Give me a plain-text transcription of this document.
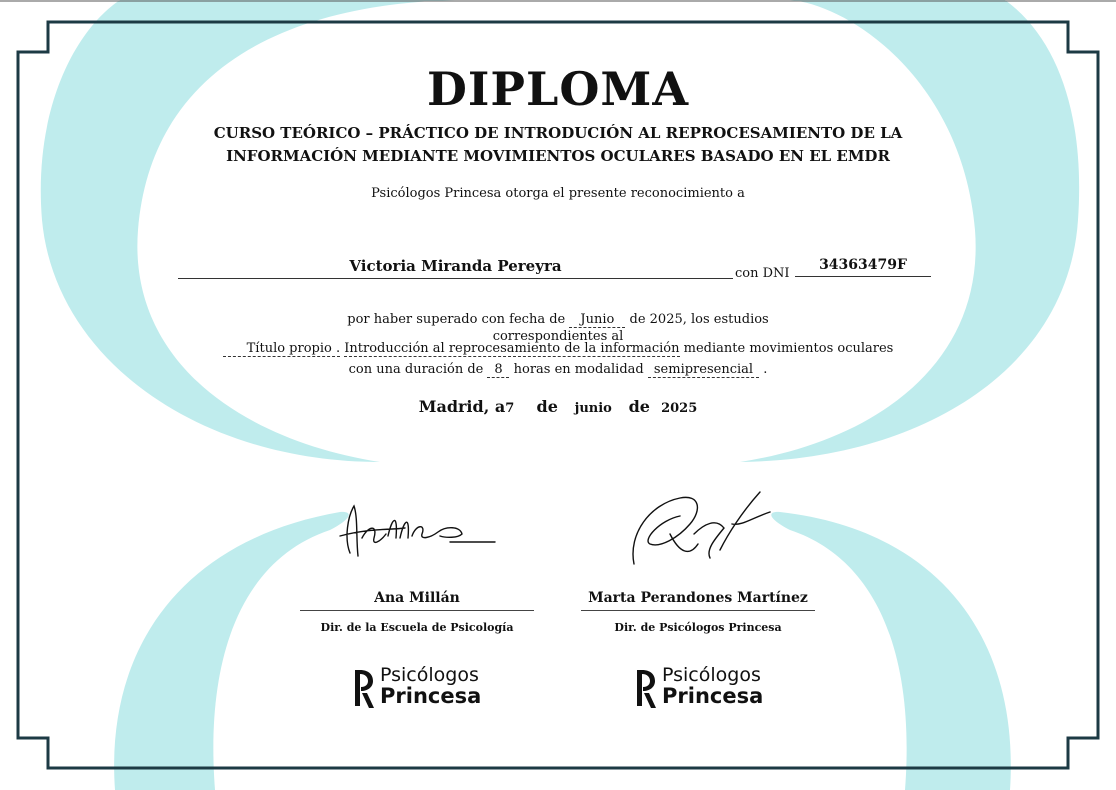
DIPLOMA
CURSO TEÓRICO – PRÁCTICO DE INTRODUCIÓN AL REPROCESAMIENTO DE LA
INFORMACIÓN MEDIANTE MOVIMIENTOS OCULARES BASADO EN EL EMDR
Psicólogos Princesa otorga el presente reconocimiento a
Victoria Miranda Pereyra	con DNI
34363479F
por haber superado con fecha de Junio de 2025, los estudios
correspondientes al
Título propio . Introducción al reprocesamiento de la información mediante movimientos oculares
con una duración de 8 horas en modalidad semipresencial .
Madrid, a7 de junio de 2025
Ana Millán
Dir. de la Escuela de Psicología
Marta Perandones Martínez
Dir. de Psicólogos Princesa
Psicólogos
Princesa
Psicólogos
Princesa
